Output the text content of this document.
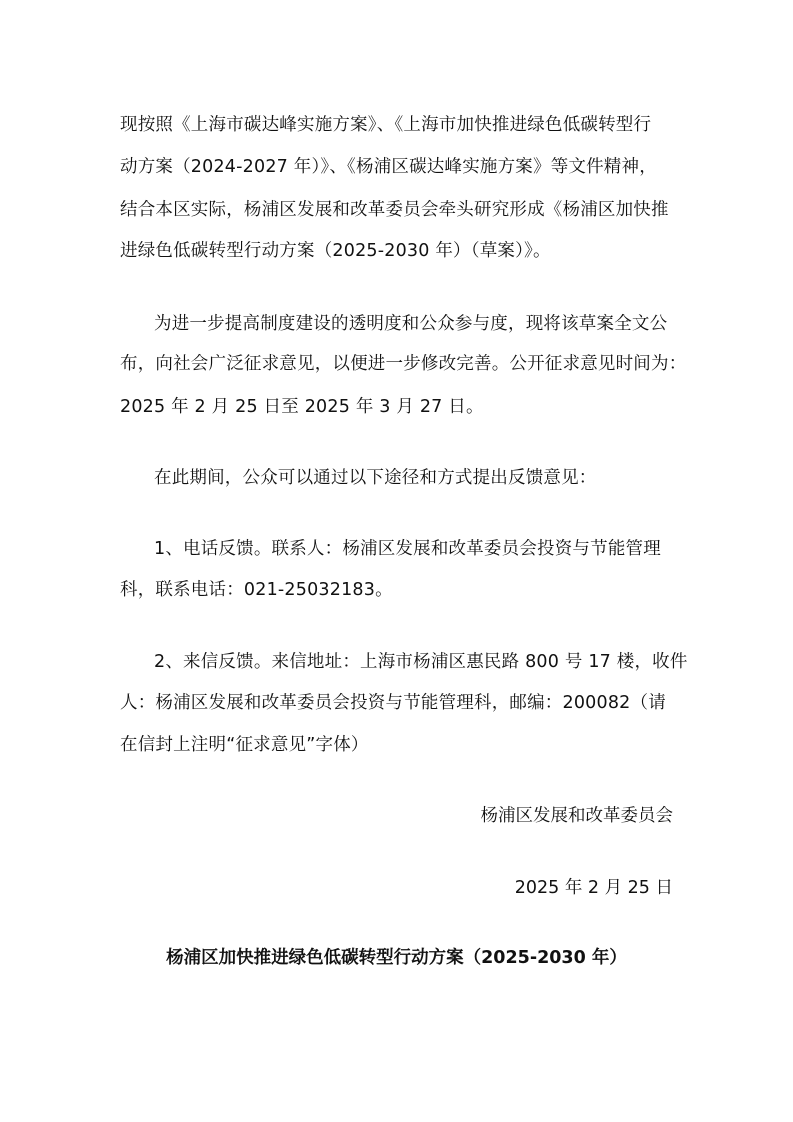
现按照《上海市碳达峰实施方案》、《上海市加快推进绿色低碳转型行
动方案（2024-2027 年）》、《杨浦区碳达峰实施方案》等文件精神，
结合本区实际，杨浦区发展和改革委员会牵头研究形成《杨浦区加快推
进绿色低碳转型行动方案（2025-2030 年）（草案）》。
为进一步提高制度建设的透明度和公众参与度，现将该草案全文公
布，向社会广泛征求意见，以便进一步修改完善。公开征求意见时间为：
2025 年 2 月 25 日至 2025 年 3 月 27 日。
在此期间，公众可以通过以下途径和方式提出反馈意见：
1、电话反馈。联系人：杨浦区发展和改革委员会投资与节能管理
科，联系电话：021-25032183。
2、来信反馈。来信地址：上海市杨浦区惠民路 800 号 17 楼，收件
人：杨浦区发展和改革委员会投资与节能管理科，邮编：200082（请
在信封上注明“征求意见”字体）
杨浦区发展和改革委员会
2025 年 2 月 25 日
杨浦区加快推进绿色低碳转型行动方案（2025-2030 年）
